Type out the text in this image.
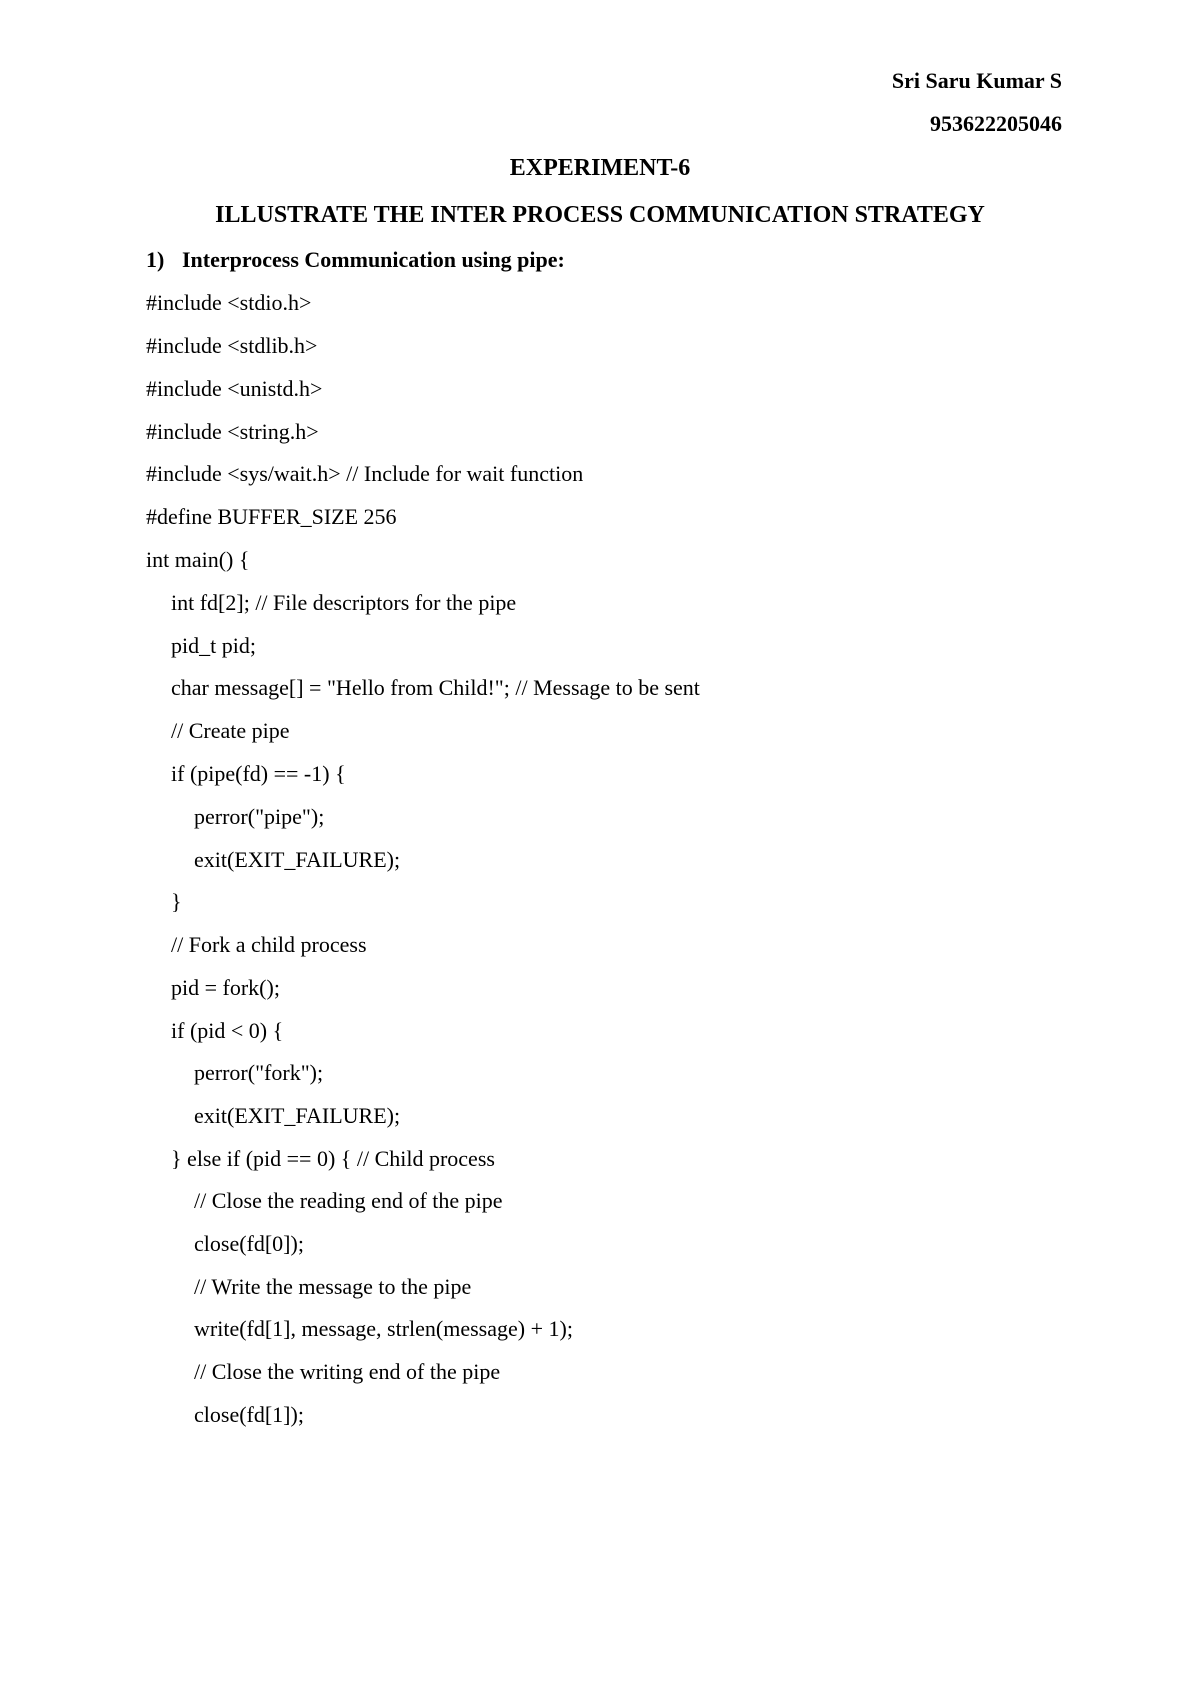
Sri Saru Kumar S
953622205046
EXPERIMENT-6
ILLUSTRATE THE INTER PROCESS COMMUNICATION STRATEGY
1) Interprocess Communication using pipe:
#include <stdio.h>
#include <stdlib.h>
#include <unistd.h>
#include <string.h>
#include <sys/wait.h> // Include for wait function
#define BUFFER_SIZE 256
int main() {
int fd[2]; // File descriptors for the pipe
pid_t pid;
char message[] = "Hello from Child!"; // Message to be sent
// Create pipe
if (pipe(fd) == -1) {
perror("pipe");
exit(EXIT_FAILURE);
}
// Fork a child process
pid = fork();
if (pid < 0) {
perror("fork");
exit(EXIT_FAILURE);
} else if (pid == 0) { // Child process
// Close the reading end of the pipe
close(fd[0]);
// Write the message to the pipe
write(fd[1], message, strlen(message) + 1);
// Close the writing end of the pipe
close(fd[1]);
